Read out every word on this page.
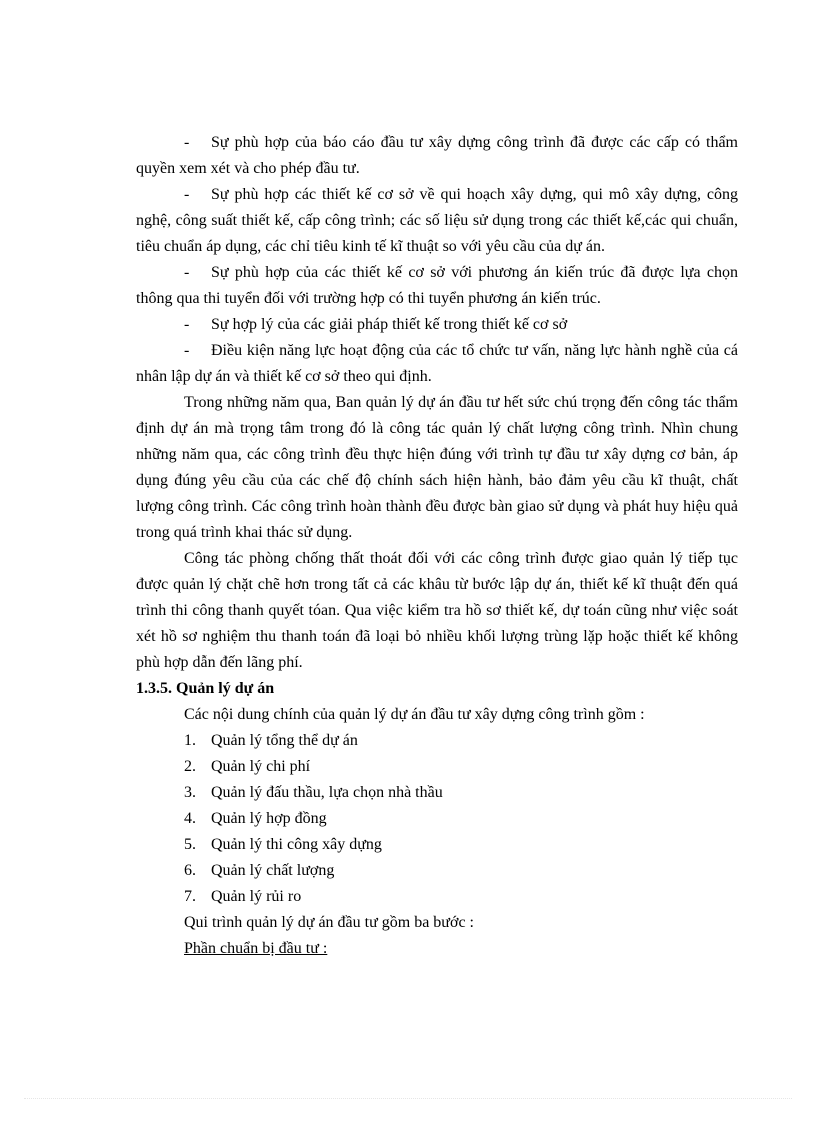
- Sự phù hợp của báo cáo đầu tư xây dựng công trình đã được các cấp có thẩm quyền xem xét và cho phép đầu tư.

- Sự phù hợp các thiết kế cơ sở về qui hoạch xây dựng, qui mô xây dựng, công nghệ, công suất thiết kế, cấp công trình; các số liệu sử dụng trong các thiết kế,các qui chuẩn, tiêu chuẩn áp dụng, các chỉ tiêu kinh tế kĩ thuật so với yêu cầu của dự án.

- Sự phù hợp của các thiết kế cơ sở với phương án kiến trúc đã được lựa chọn thông qua thi tuyển đối với trường hợp có thi tuyển phương án kiến trúc.

- Sự hợp lý của các giải pháp thiết kế trong thiết kế cơ sở

- Điều kiện năng lực hoạt động của các tổ chức tư vấn, năng lực hành nghề của cá nhân lập dự án và thiết kế cơ sở theo qui định.

Trong những năm qua, Ban quản lý dự án đầu tư hết sức chú trọng đến công tác thẩm định dự án mà trọng tâm trong đó là công tác quản lý chất lượng công trình. Nhìn chung những năm qua, các công trình đều thực hiện đúng với trình tự đầu tư xây dựng cơ bản, áp dụng đúng yêu cầu của các chế độ chính sách hiện hành, bảo đảm yêu cầu kĩ thuật, chất lượng công trình. Các công trình hoàn thành đều được bàn giao sử dụng và phát huy hiệu quả trong quá trình khai thác sử dụng.

Công tác phòng chống thất thoát đối với các công trình được giao quản lý tiếp tục được quản lý chặt chẽ hơn trong tất cả các khâu từ bước lập dự án, thiết kế kĩ thuật đến quá trình thi công thanh quyết tóan. Qua việc kiểm tra hồ sơ thiết kế, dự toán cũng như việc soát xét hồ sơ nghiệm thu thanh toán đã loại bỏ nhiều khối lượng trùng lặp hoặc thiết kế không phù hợp dẫn đến lãng phí.

1.3.5. Quản lý dự án

Các nội dung chính của quản lý dự án đầu tư xây dựng công trình gồm :

1. Quản lý tổng thể dự án
2. Quản lý chi phí
3. Quản lý đấu thầu, lựa chọn nhà thầu
4. Quản lý hợp đồng
5. Quản lý thi công xây dựng
6. Quản lý chất lượng
7. Quản lý rủi ro

Qui trình quản lý dự án đầu tư gồm ba bước :

Phần chuẩn bị đầu tư :
